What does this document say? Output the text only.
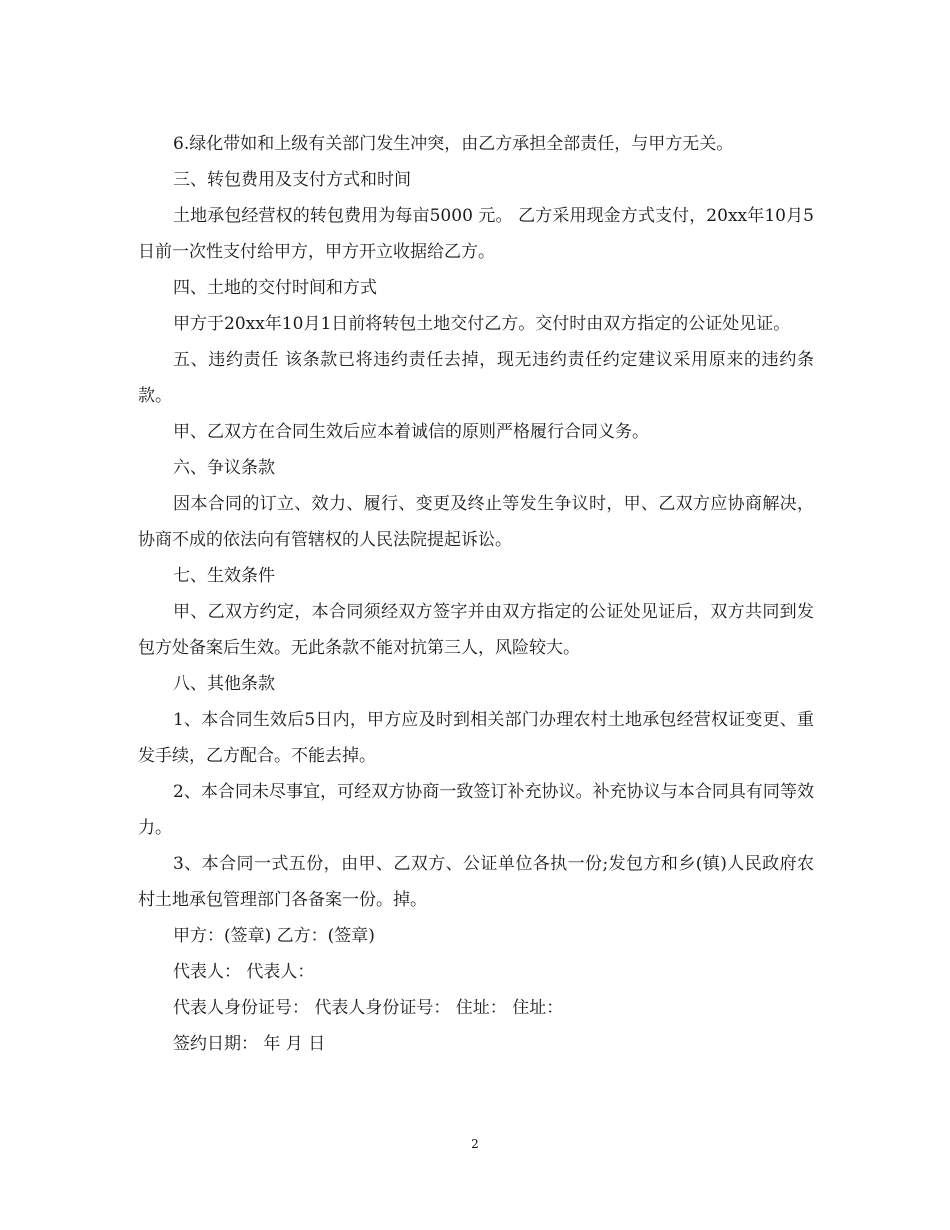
6.绿化带如和上级有关部门发生冲突，由乙方承担全部责任，与甲方无关。

三、转包费用及支付方式和时间

土地承包经营权的转包费用为每亩5000 元。 乙方采用现金方式支付，20xx年10月5日前一次性支付给甲方，甲方开立收据给乙方。

四、土地的交付时间和方式

甲方于20xx年10月1日前将转包土地交付乙方。交付时由双方指定的公证处见证。

五、违约责任 该条款已将违约责任去掉，现无违约责任约定建议采用原来的违约条款。

甲、乙双方在合同生效后应本着诚信的原则严格履行合同义务。

六、争议条款

因本合同的订立、效力、履行、变更及终止等发生争议时，甲、乙双方应协商解决，协商不成的依法向有管辖权的人民法院提起诉讼。

七、生效条件

甲、乙双方约定，本合同须经双方签字并由双方指定的公证处见证后，双方共同到发包方处备案后生效。无此条款不能对抗第三人，风险较大。

八、其他条款

1、本合同生效后5日内，甲方应及时到相关部门办理农村土地承包经营权证变更、重发手续，乙方配合。不能去掉。

2、本合同未尽事宜，可经双方协商一致签订补充协议。补充协议与本合同具有同等效力。

3、本合同一式五份，由甲、乙双方、公证单位各执一份;发包方和乡(镇)人民政府农村土地承包管理部门各备案一份。掉。

甲方：(签章) 乙方：(签章)

代表人： 代表人：

代表人身份证号： 代表人身份证号： 住址： 住址：

签约日期： 年 月 日

2
